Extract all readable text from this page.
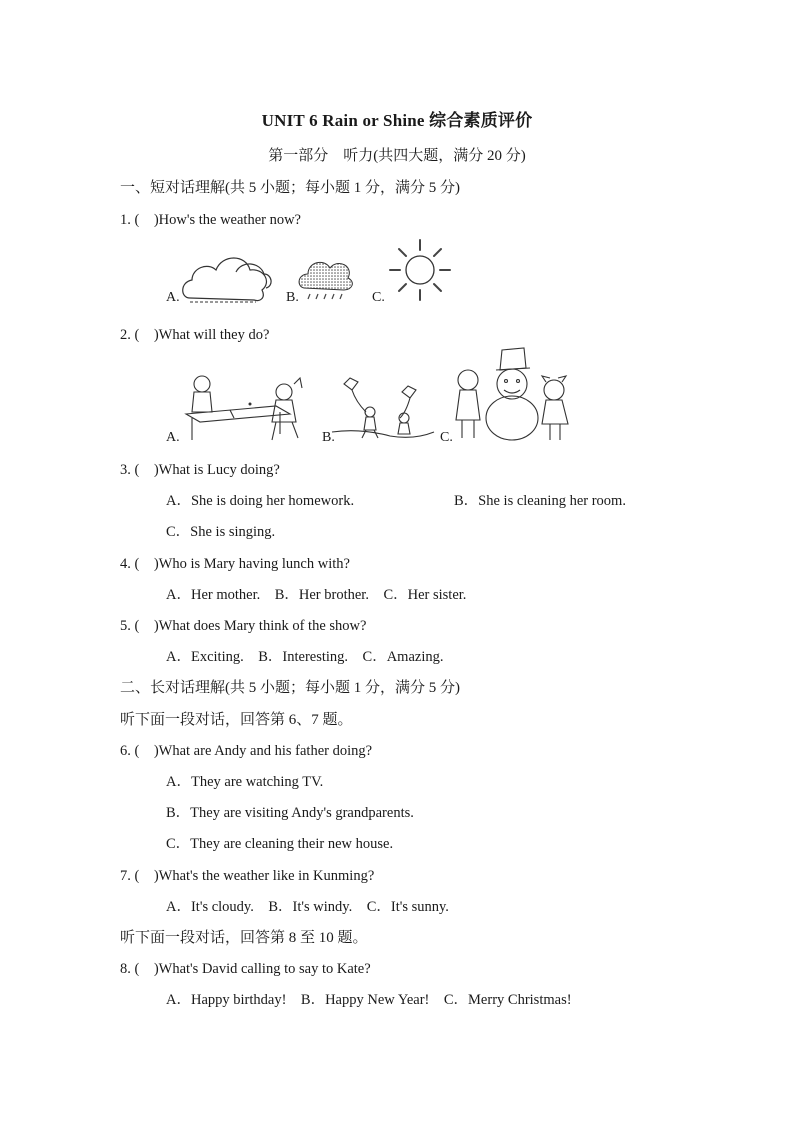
UNIT 6 Rain or Shine 综合素质评价
第一部分　听力(共四大题，满分 20 分)
一、短对话理解(共 5 小题；每小题 1 分，满分 5 分)
1. (　)How's the weather now?
A.	B.	C.
2. (　)What will they do?
A.	B.	C.
3. (　)What is Lucy doing?
A．She is doing her homework.	B．She is cleaning her room.
C．She is singing.
4. (　)Who is Mary having lunch with?
A．Her mother.　B．Her brother.　C．Her sister.
5. (　)What does Mary think of the show?
A．Exciting.　B．Interesting.　C．Amazing.
二、长对话理解(共 5 小题；每小题 1 分，满分 5 分)
听下面一段对话，回答第 6、7 题。
6. (　)What are Andy and his father doing?
A．They are watching TV.
B．They are visiting Andy's grandparents.
C．They are cleaning their new house.
7. (　)What's the weather like in Kunming?
A．It's cloudy.　B．It's windy.　C．It's sunny.
听下面一段对话，回答第 8 至 10 题。
8. (　)What's David calling to say to Kate?
A．Happy birthday!　B．Happy New Year!　C．Merry Christmas!
